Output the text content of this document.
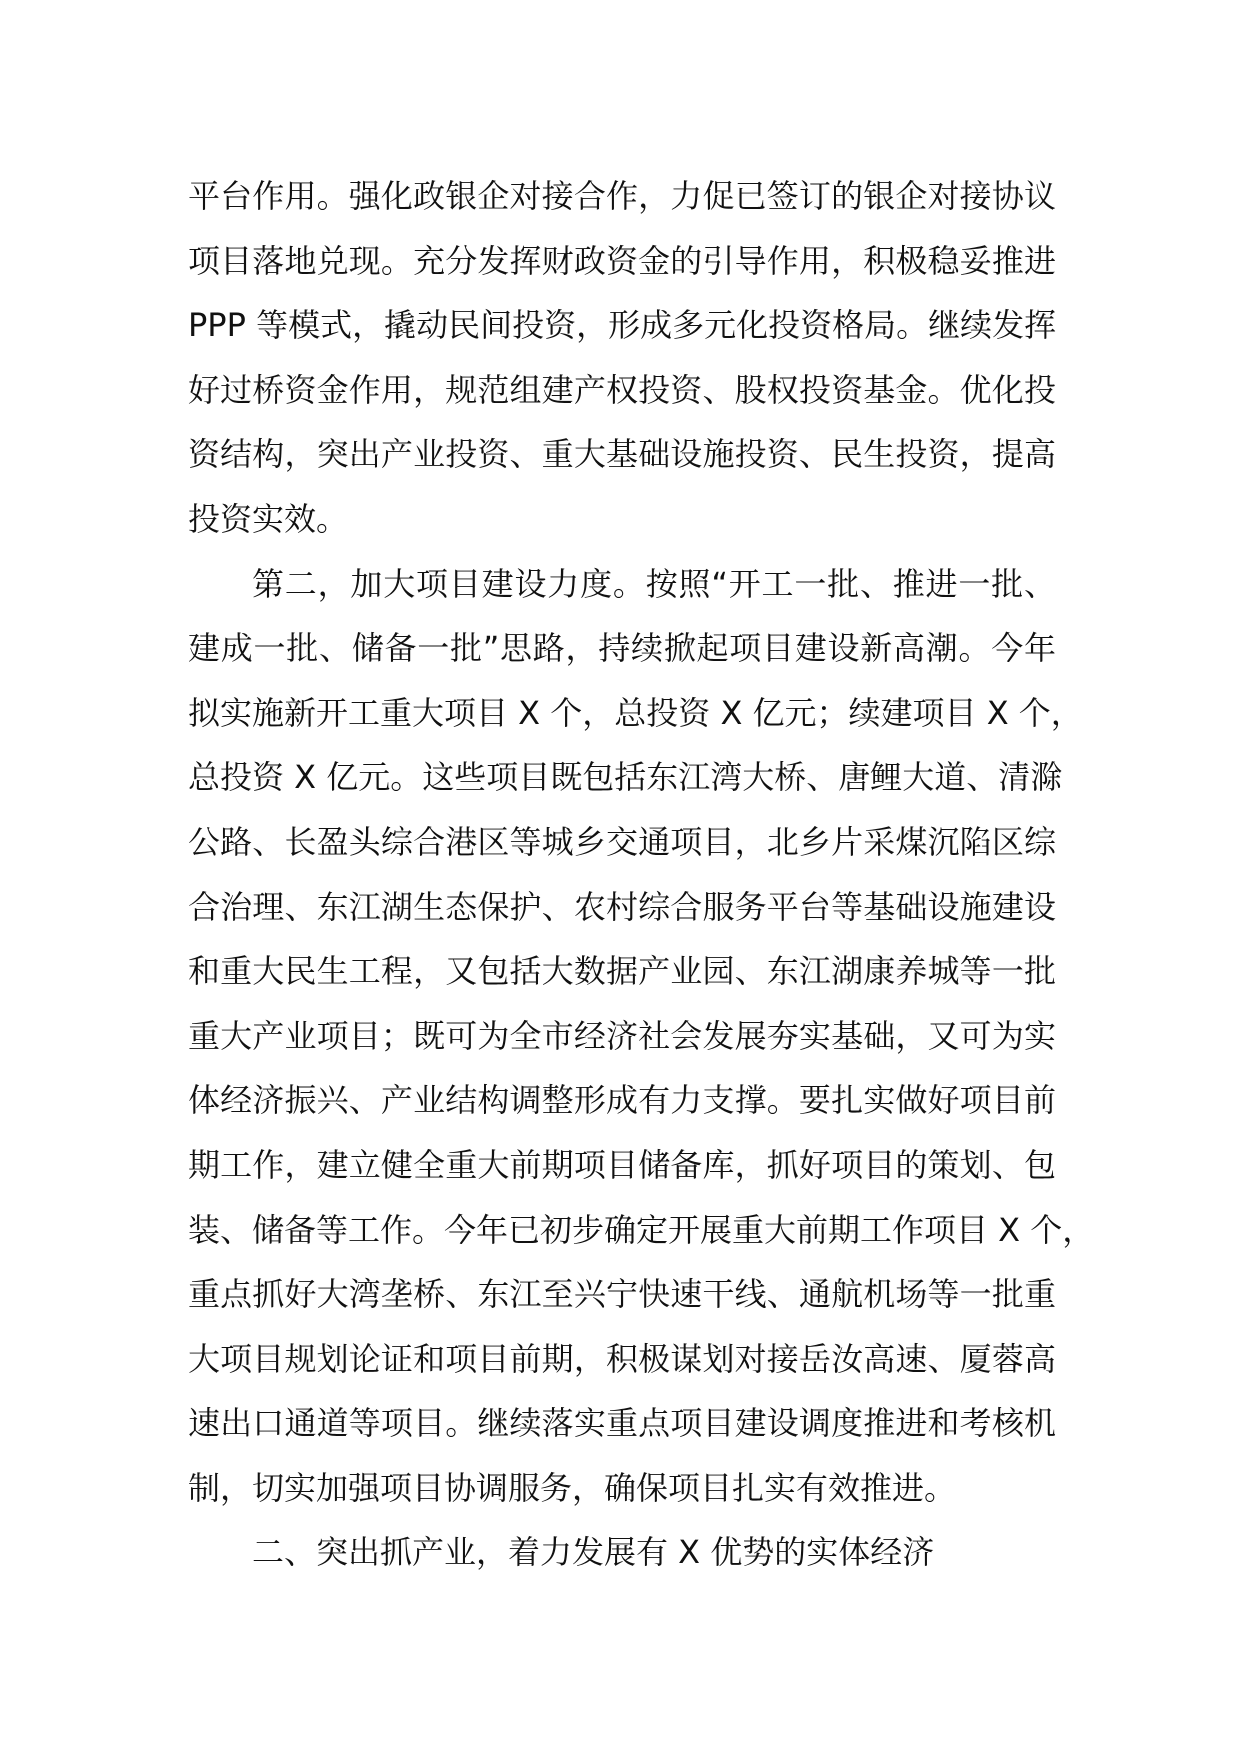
平台作用。强化政银企对接合作，力促已签订的银企对接协议
项目落地兑现。充分发挥财政资金的引导作用，积极稳妥推进
PPP 等模式，撬动民间投资，形成多元化投资格局。继续发挥
好过桥资金作用，规范组建产权投资、股权投资基金。优化投
资结构，突出产业投资、重大基础设施投资、民生投资，提高
投资实效。
第二，加大项目建设力度。按照“开工一批、推进一批、
建成一批、储备一批”思路，持续掀起项目建设新高潮。今年
拟实施新开工重大项目 X 个，总投资 X 亿元；续建项目 X 个，
总投资 X 亿元。这些项目既包括东江湾大桥、唐鲤大道、清滁
公路、长盈头综合港区等城乡交通项目，北乡片采煤沉陷区综
合治理、东江湖生态保护、农村综合服务平台等基础设施建设
和重大民生工程，又包括大数据产业园、东江湖康养城等一批
重大产业项目；既可为全市经济社会发展夯实基础，又可为实
体经济振兴、产业结构调整形成有力支撑。要扎实做好项目前
期工作，建立健全重大前期项目储备库，抓好项目的策划、包
装、储备等工作。今年已初步确定开展重大前期工作项目 X 个，
重点抓好大湾垄桥、东江至兴宁快速干线、通航机场等一批重
大项目规划论证和项目前期，积极谋划对接岳汝高速、厦蓉高
速出口通道等项目。继续落实重点项目建设调度推进和考核机
制，切实加强项目协调服务，确保项目扎实有效推进。
二、突出抓产业，着力发展有 X 优势的实体经济
